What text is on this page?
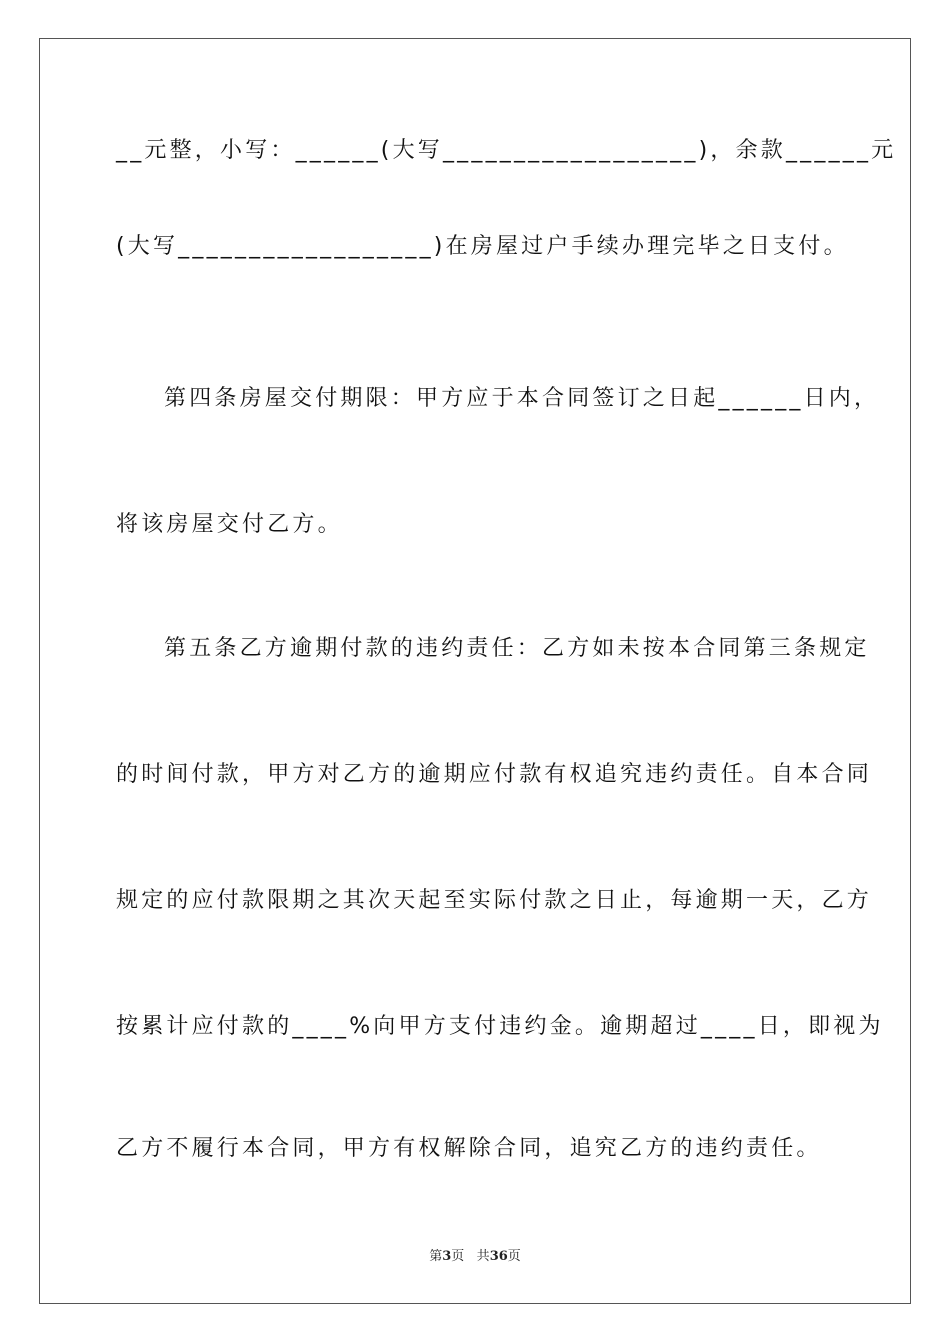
__元整，小写：______(大写__________________)，余款______元
(大写__________________)在房屋过户手续办理完毕之日支付。
第四条房屋交付期限：甲方应于本合同签订之日起______日内，
将该房屋交付乙方。
第五条乙方逾期付款的违约责任：乙方如未按本合同第三条规定
的时间付款，甲方对乙方的逾期应付款有权追究违约责任。自本合同
规定的应付款限期之其次天起至实际付款之日止，每逾期一天，乙方
按累计应付款的____%向甲方支付违约金。逾期超过____日，即视为
乙方不履行本合同，甲方有权解除合同，追究乙方的违约责任。
第3页 共36页
